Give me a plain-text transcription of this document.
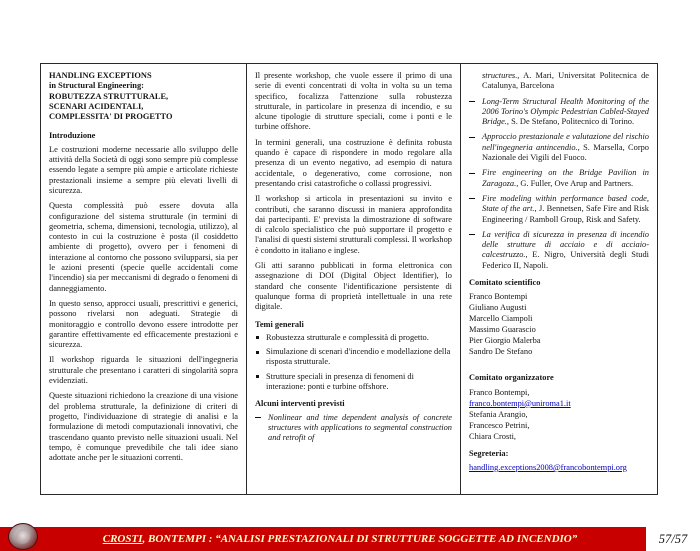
HANDLING EXCEPTIONS
in Structural Engineering:
ROBUTEZZA STRUTTURALE,
SCENARI ACIDENTALI,
COMPLESSITA' DI PROGETTO
Introduzione

Le costruzioni moderne necessarie allo sviluppo delle attività della Società di oggi sono sempre più complesse essendo legate a sempre più ampie e articolate richieste prestazionali insieme a sempre più elevati livelli di sicurezza.

Questa complessità può essere dovuta alla configurazione del sistema strutturale (in termini di geometria, schema, dimensioni, tecnologia, utilizzo), al contesto in cui la costruzione è posta (il cosiddetto ambiente di progetto), ovvero per i fenomeni di interazione al contorno che possono svilupparsi, sia per le azioni presenti (specie quelle accidentali come l'incendio) sia per meccanismi di degrado o fenomeni di danneggiamento.

In questo senso, approcci usuali, prescrittivi e generici, possono rivelarsi non adeguati. Strategie di monitoraggio e controllo devono essere introdotte per garantire effettivamente ed efficacemente prestazioni e sicurezza.

Il workshop riguarda le situazioni dell'ingegneria strutturale che presentano i caratteri di singolarità sopra evidenziati.

Queste situazioni richiedono la creazione di una visione del problema strutturale, la definizione di criteri di progetto, l'individuazione di strategie di analisi e la formulazione di metodi computazionali innovativi, che trascendano quanto previsto nelle situazioni usuali. Nel tempo, è comunque prevedibile che tali idee siano adottate anche per le situazioni correnti.

Il presente workshop, che vuole essere il primo di una serie di eventi concentrati di volta in volta su un tema specifico, focalizza l'attenzione sulla robustezza strutturale, in particolare in presenza di incendio, e su alcune tipologie di strutture speciali, come i ponti e le turbine offshore.

In termini generali, una costruzione è definita robusta quando è capace di rispondere in modo regolare alla presenza di un evento negativo, ad esempio di natura accidentale, o degenerativo, come corrosione, non presentando crisi catastrofiche o collassi progressivi.

Il workshop si articola in presentazioni su invito e contributi, che saranno discussi in maniera approfondita dai partecipanti. E' prevista la dimostrazione di software di calcolo specialistico che può supportare il progetto e l'analisi di questi sistemi strutturali complessi. Il workshop è condotto in italiano e inglese.

Gli atti saranno pubblicati in forma elettronica con assegnazione di DOI (Digital Object Identifier), lo standard che consente l'identificazione persistente di qualunque forma di proprietà intellettuale in una rete digitale.

Temi generali
Robustezza strutturale e complessità di progetto.
Simulazione di scenari d'incendio e modellazione della risposta strutturale.
Strutture speciali in presenza di fenomeni di interazione: ponti e turbine offshore.
Alcuni interventi previsti
Nonlinear and time dependent analysis of concrete structures with applications to segmental construction and retrofit of
structures., A. Mari, Universitat Politecnica de Catalunya, Barcelona
Long-Term Structural Health Monitoring of the 2006 Torino's Olympic Pedestrian Cabled-Stayed Bridge., S. De Stefano, Politecnico di Torino.
Approccio prestazionale e valutazione del rischio nell'ingegneria antincendio., S. Marsella, Corpo Nazionale dei Vigili del Fuoco.
Fire engineering on the Bridge Pavilion in Zaragoza., G. Fuller, Ove Arup and Partners.
Fire modeling within performance based code, State of the art., J. Bennetsen, Safe Fire and Risk Engineering / Ramboll Group, Risk and Safety.
La verifica di sicurezza in presenza di incendio delle strutture di acciaio e di acciaio-calcestruzzo., E. Nigro, Università degli Studi Federico II, Napoli.
Comitato scientifico
Franco Bontempi
Giuliano Augusti
Marcello Ciampoli
Massimo Guarascio
Pier Giorgio Malerba
Sandro De Stefano
Comitato organizzatore
Franco Bontempi,
franco.bontempi@uniroma1.it
Stefania Arangio,
Francesco Petrini,
Chiara Crosti,
Segreteria:
handling.exceptions2008@francobontempi.org
CROSTI, BONTEMPI : “ANALISI PRESTAZIONALI DI STRUTTURE SOGGETTE AD INCENDIO”	57/57
